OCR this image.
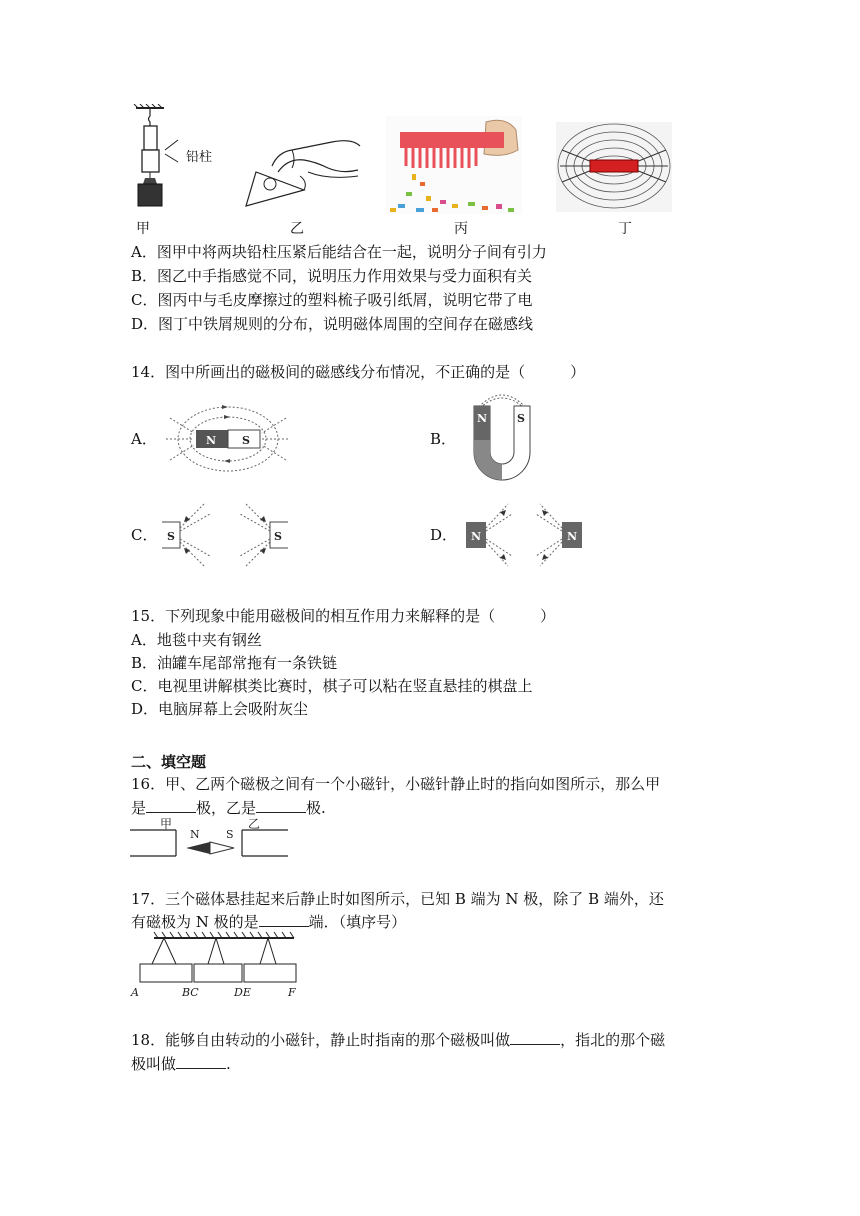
铅柱
甲	乙	丙	丁
A．图甲中将两块铅柱压紧后能结合在一起，说明分子间有引力
B．图乙中手指感觉不同，说明压力作用效果与受力面积有关
C．图丙中与毛皮摩擦过的塑料梳子吸引纸屑，说明它带了电
D．图丁中铁屑规则的分布，说明磁体周围的空间存在磁感线
14．图中所画出的磁极间的磁感线分布情况，不正确的是（　　　）
A．	N S	B．
N	S
C． S	S	D． N	N
15．下列现象中能用磁极间的相互作用力来解释的是（　　　）
A．地毯中夹有钢丝
B．油罐车尾部常拖有一条铁链
C．电视里讲解棋类比赛时，棋子可以粘在竖直悬挂的棋盘上
D．电脑屏幕上会吸附灰尘
二、填空题
16．甲、乙两个磁极之间有一个小磁针，小磁针静止时的指向如图所示，那么甲
是	极，乙是	极.
甲	乙
N S
17．三个磁体悬挂起来后静止时如图所示，已知 B 端为 N 极，除了 B 端外，还
有磁极为 N 极的是	端．（填序号）
A	BC	DE	F
18．能够自由转动的小磁针，静止时指南的那个磁极叫做	，指北的那个磁
极叫做	.
